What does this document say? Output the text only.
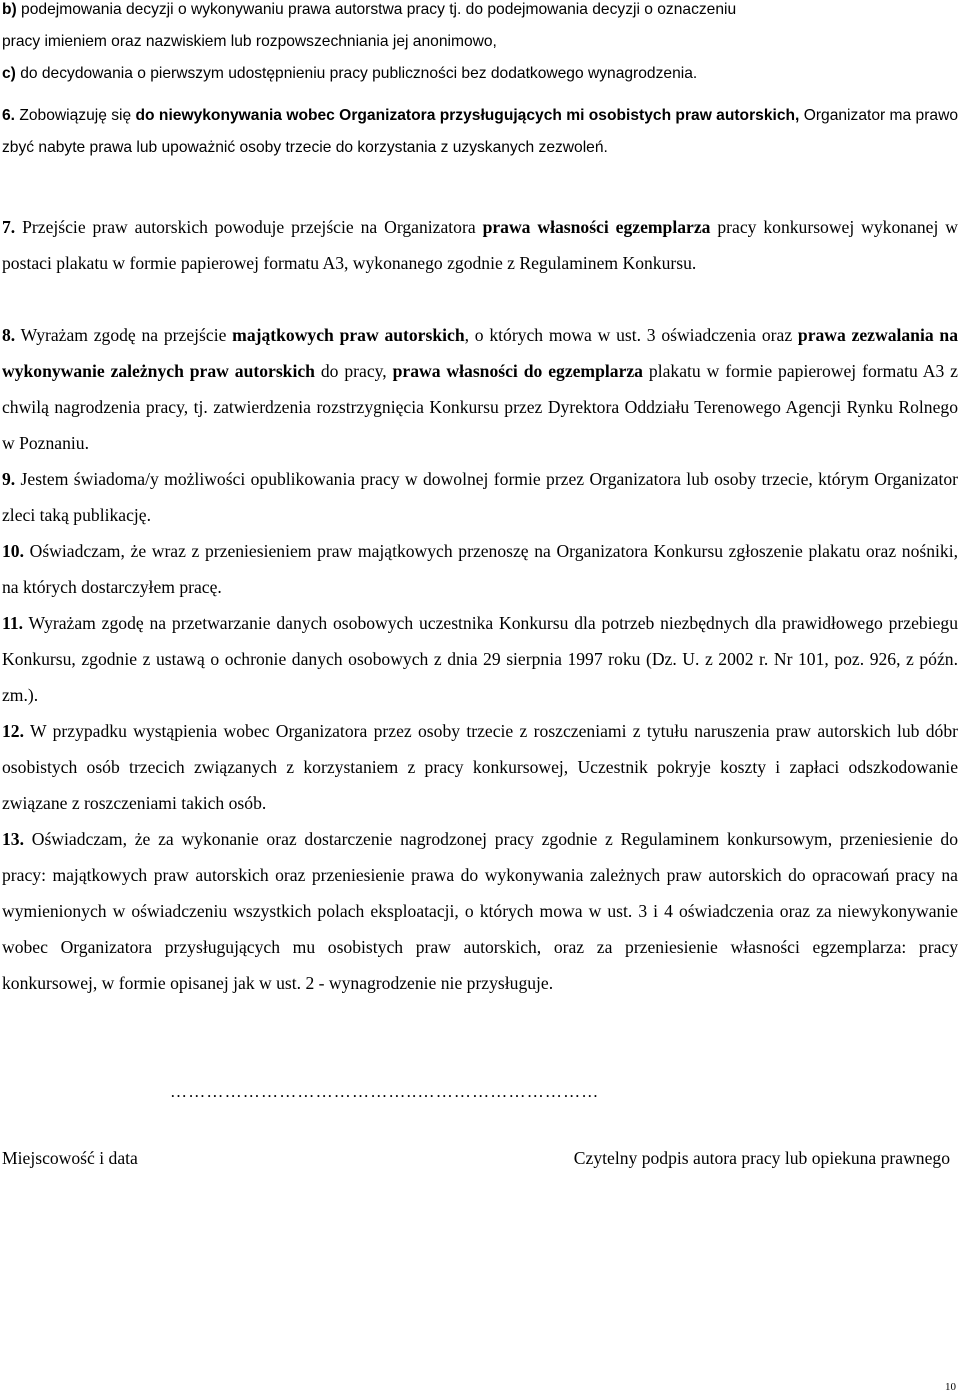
b) podejmowania decyzji o wykonywaniu prawa autorstwa pracy tj. do podejmowania decyzji o oznaczeniu
pracy imieniem oraz nazwiskiem lub rozpowszechniania jej anonimowo,
c) do decydowania o pierwszym udostępnieniu pracy publiczności bez dodatkowego wynagrodzenia.

6. Zobowiązuję się do niewykonywania wobec Organizatora przysługujących mi osobistych praw autorskich, Organizator ma prawo zbyć nabyte prawa lub upoważnić osoby trzecie do korzystania z uzyskanych zezwoleń.

7. Przejście praw autorskich powoduje przejście na Organizatora prawa własności egzemplarza pracy konkursowej wykonanej w postaci plakatu w formie papierowej formatu A3, wykonanego zgodnie z Regulaminem Konkursu.

8. Wyrażam zgodę na przejście majątkowych praw autorskich, o których mowa w ust. 3 oświadczenia oraz prawa zezwalania na wykonywanie zależnych praw autorskich do pracy, prawa własności do egzemplarza plakatu w formie papierowej formatu A3 z chwilą nagrodzenia pracy, tj. zatwierdzenia rozstrzygnięcia Konkursu przez Dyrektora Oddziału Terenowego Agencji Rynku Rolnego w Poznaniu.

9. Jestem świadoma/y możliwości opublikowania pracy w dowolnej formie przez Organizatora lub osoby trzecie, którym Organizator zleci taką publikację.

10. Oświadczam, że wraz z przeniesieniem praw majątkowych przenoszę na Organizatora Konkursu zgłoszenie plakatu oraz nośniki, na których dostarczyłem pracę.

11. Wyrażam zgodę na przetwarzanie danych osobowych uczestnika Konkursu dla potrzeb niezbędnych dla prawidłowego przebiegu Konkursu, zgodnie z ustawą o ochronie danych osobowych z dnia 29 sierpnia 1997 roku (Dz. U. z 2002 r. Nr 101, poz. 926, z późn. zm.).

12. W przypadku wystąpienia wobec Organizatora przez osoby trzecie z roszczeniami z tytułu naruszenia praw autorskich lub dóbr osobistych osób trzecich związanych z korzystaniem z pracy konkursowej, Uczestnik pokryje koszty i zapłaci odszkodowanie związane z roszczeniami takich osób.

13. Oświadczam, że za wykonanie oraz dostarczenie nagrodzonej pracy zgodnie z Regulaminem konkursowym, przeniesienie do pracy: majątkowych praw autorskich oraz przeniesienie prawa do wykonywania zależnych praw autorskich do opracowań pracy na wymienionych w oświadczeniu wszystkich polach eksploatacji, o których mowa w ust. 3 i 4 oświadczenia oraz za niewykonywanie wobec Organizatora przysługujących mu osobistych praw autorskich, oraz za przeniesienie własności egzemplarza: pracy konkursowej, w formie opisanej jak w ust. 2 - wynagrodzenie nie przysługuje.

…………………………………..…………………………
Miejscowość i data	Czytelny podpis autora pracy lub opiekuna prawnego
10
